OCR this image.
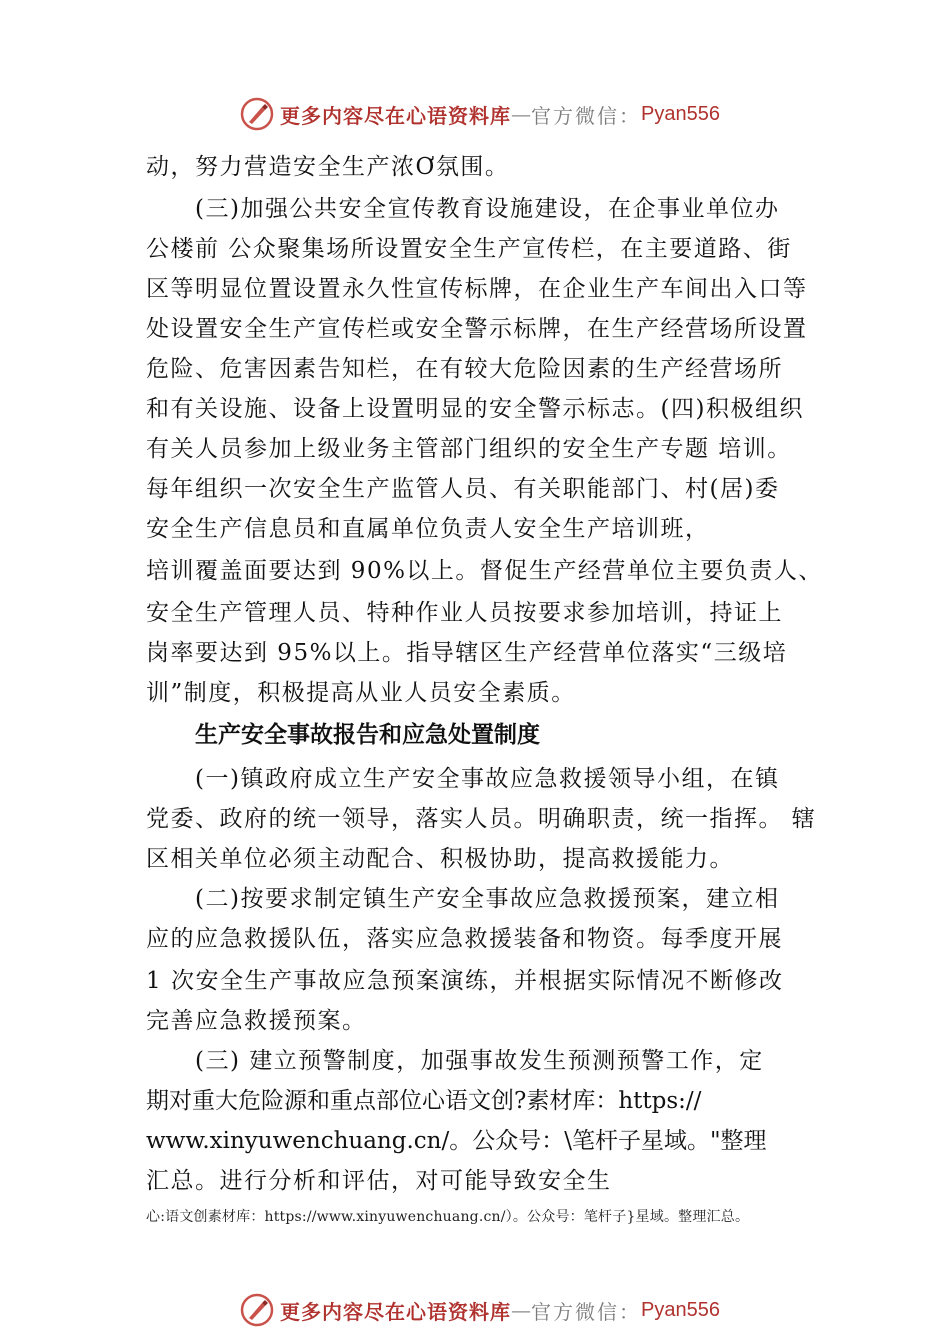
更多内容尽在心语资料库 — 官方微信： Pyan556
动，努力营造安全生产浓Ơ氛围。
(三)加强公共安全宣传教育设施建设，在企事业单位办
公楼前 公众聚集场所设置安全生产宣传栏，在主要道路、街
区等明显位置设置永久性宣传标牌，在企业生产车间出入口等
处设置安全生产宣传栏或安全警示标牌，在生产经营场所设置
危险、危害因素告知栏，在有较大危险因素的生产经营场所
和有关设施、设备上设置明显的安全警示标志。(四)积极组织
有关人员参加上级业务主管部门组织的安全生产专题 培训。
每年组织一次安全生产监管人员、有关职能部门、村(居)委
安全生产信息员和直属单位负责人安全生产培训班，
培训覆盖面要达到 90%以上。督促生产经营单位主要负责人、
安全生产管理人员、特种作业人员按要求参加培训，持证上
岗率要达到 95%以上。指导辖区生产经营单位落实“三级培
训”制度，积极提高从业人员安全素质。
生产安全事故报告和应急处置制度
(一)镇政府成立生产安全事故应急救援领导小组，在镇
党委、政府的统一领导，落实人员。明确职责，统一指挥。 辖
区相关单位必须主动配合、积极协助，提高救援能力。
(二)按要求制定镇生产安全事故应急救援预案，建立相
应的应急救援队伍，落实应急救援装备和物资。每季度开展
1 次安全生产事故应急预案演练，并根据实际情况不断修改
完善应急救援预案。
(三) 建立预警制度，加强事故发生预测预警工作，定
期对重大危险源和重点部位心语文创?素材库：https://
www.xinyuwenchuang.cn/。公众号：\笔杆子星域。"整理
汇总。进行分析和评估，对可能导致安全生
心:语文创素材库：https://www.xinyuwenchuang.cn/）。公众号：笔杆子}星域。整理汇总。
更多内容尽在心语资料库 — 官方微信： Pyan556
